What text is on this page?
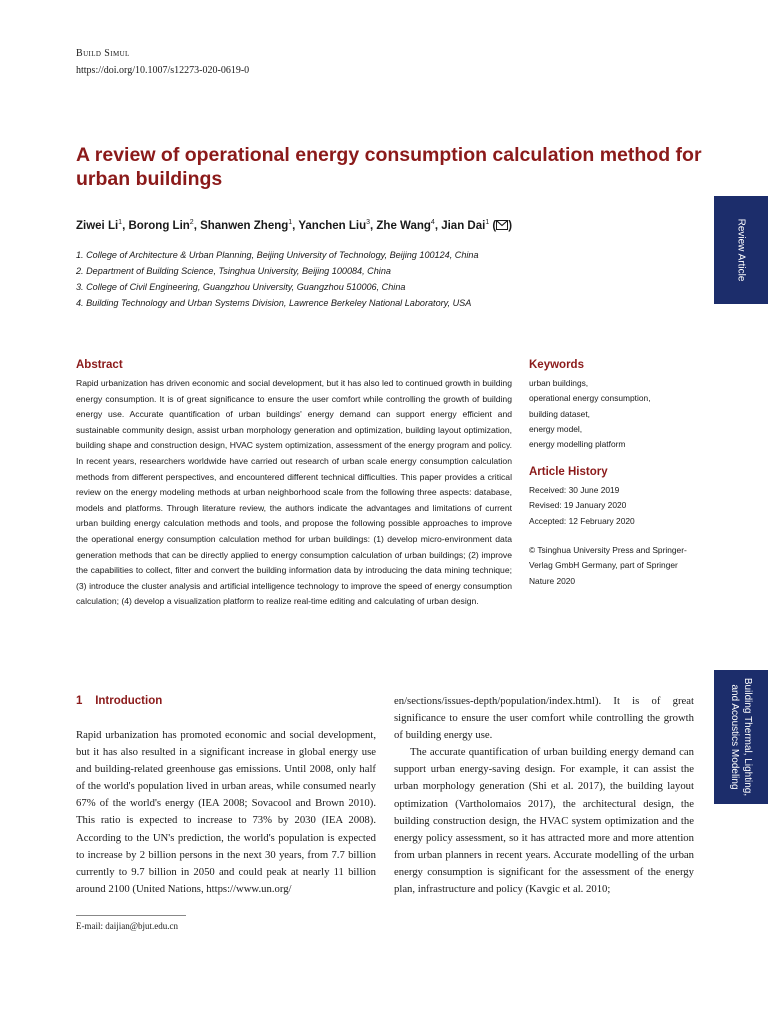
Build Simul
https://doi.org/10.1007/s12273-020-0619-0
A review of operational energy consumption calculation method for urban buildings
Ziwei Li$^1$, Borong Lin$^2$, Shanwen Zheng$^1$, Yanchen Liu$^3$, Zhe Wang$^4$, Jian Dai$^1$ ( )
1. College of Architecture & Urban Planning, Beijing University of Technology, Beijing 100124, China
2. Department of Building Science, Tsinghua University, Beijing 100084, China
3. College of Civil Engineering, Guangzhou University, Guangzhou 510006, China
4. Building Technology and Urban Systems Division, Lawrence Berkeley National Laboratory, USA
Review Article
Building Thermal, Lighting,
and Acoustics Modeling
Abstract
Rapid urbanization has driven economic and social development, but it has also led to continued growth in building energy consumption. It is of great significance to ensure the user comfort while controlling the growth of building energy use. Accurate quantification of urban buildings' energy demand can support energy efficient and sustainable community design, assist urban morphology generation and optimization, building layout optimization, building shape and construction design, HVAC system optimization, assessment of the energy program and policy. In recent years, researchers worldwide have carried out research of urban scale energy consumption calculation methods from different perspectives, and encountered different technical difficulties. This paper provides a critical review on the energy modeling methods at urban neighborhood scale from the following three aspects: database, models and platforms. Through literature review, the authors indicate the advantages and limitations of current urban building energy calculation methods and tools, and propose the following possible approaches to improve the operational energy consumption calculation method for urban buildings: (1) develop micro-environment data generation methods that can be directly applied to energy consumption calculation of urban buildings; (2) improve the capabilities to collect, filter and convert the building information data by introducing the data mining technique; (3) introduce the cluster analysis and artificial intelligence technology to improve the speed of energy consumption calculation; (4) develop a visualization platform to realize real-time editing and calculating of urban design.
Keywords
urban buildings,
operational energy consumption,
building dataset,
energy model,
energy modelling platform
Article History
Received: 30 June 2019
Revised: 19 January 2020
Accepted: 12 February 2020
© Tsinghua University Press and Springer-Verlag GmbH Germany, part of Springer Nature 2020
1 Introduction

Rapid urbanization has promoted economic and social development, but it has also resulted in a significant increase in global energy use and building-related greenhouse gas emissions. Until 2008, only half of the world's population lived in urban areas, while consumed nearly 67% of the world's energy (IEA 2008; Sovacool and Brown 2010). This ratio is expected to increase to 73% by 2030 (IEA 2008). According to the UN's prediction, the world's population is expected to increase by 2 billion persons in the next 30 years, from 7.7 billion currently to 9.7 billion in 2050 and could peak at nearly 11 billion around 2100 (United Nations, https://www.un.org/

en/sections/issues-depth/population/index.html). It is of great significance to ensure the user comfort while controlling the growth of building energy use.

The accurate quantification of urban building energy demand can support urban energy-saving design. For example, it can assist the urban morphology generation (Shi et al. 2017), the building layout optimization (Vartholomaios 2017), the architectural design, the building construction design, the HVAC system optimization and the energy policy assessment, so it has attracted more and more attention from urban planners in recent years. Accurate modelling of the urban energy consumption is significant for the assessment of the energy plan, infrastructure and policy (Kavgic et al. 2010;

E-mail: daijian@bjut.edu.cn
